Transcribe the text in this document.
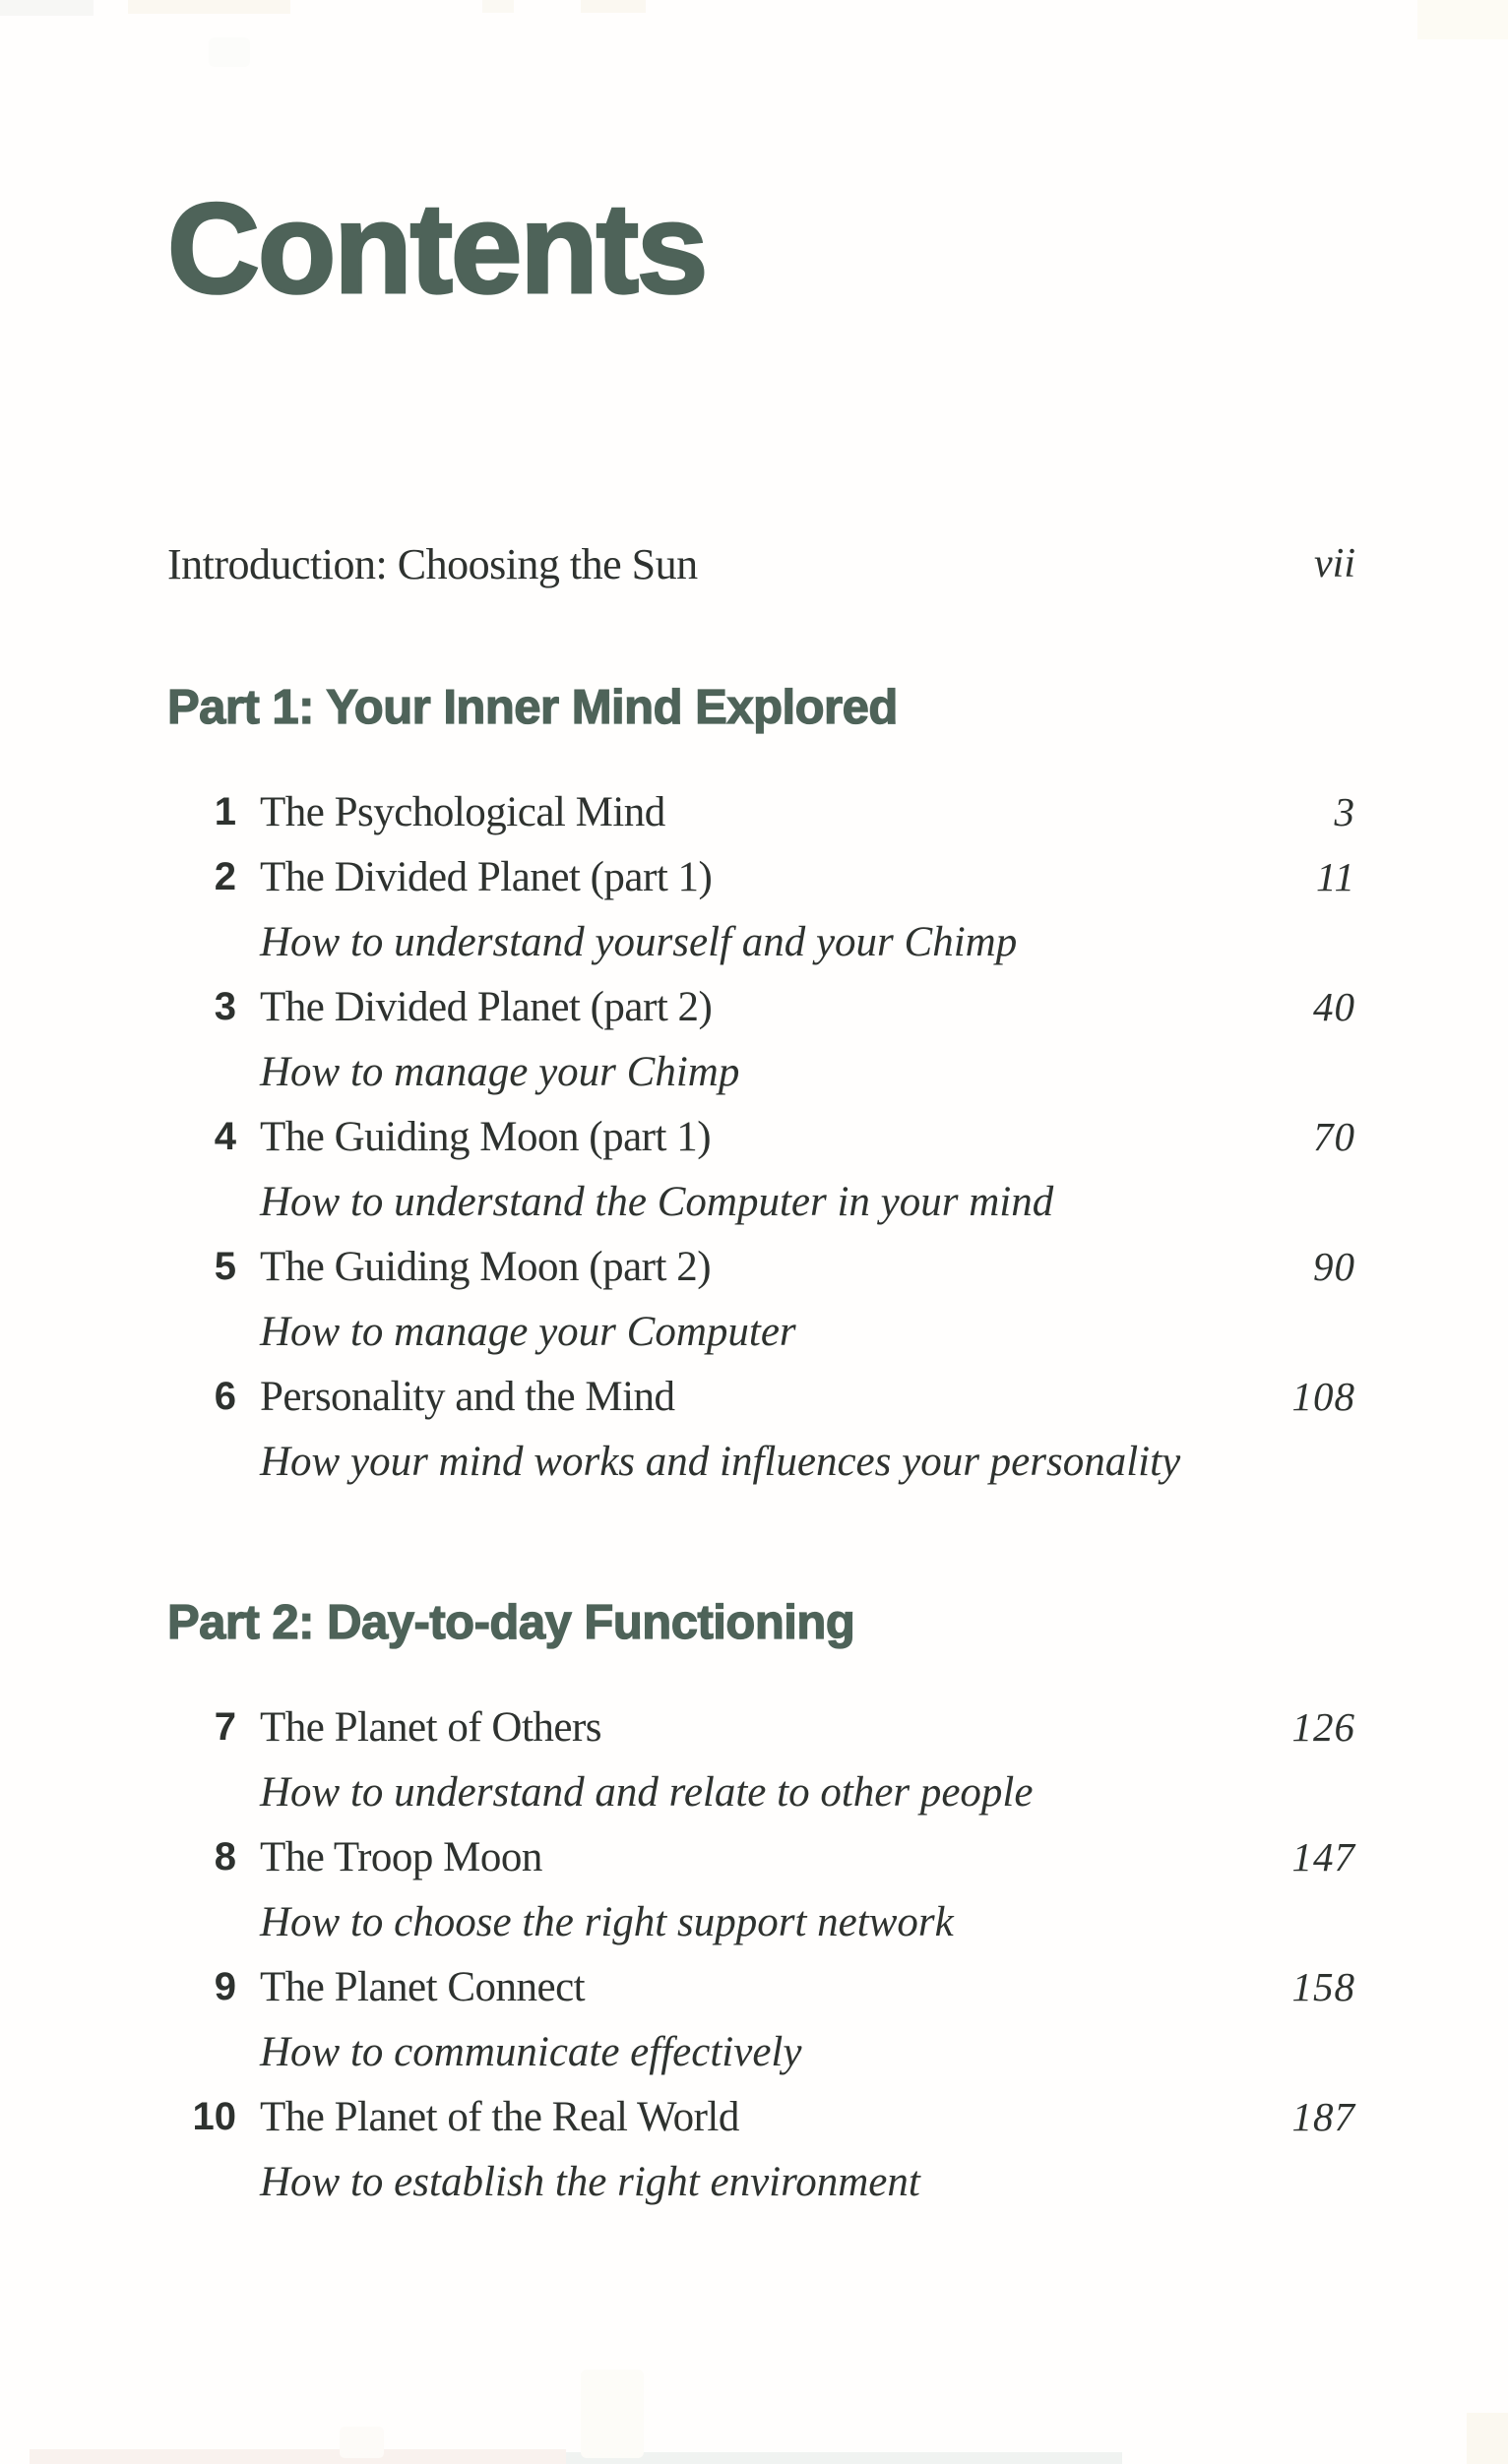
Contents
Introduction: Choosing the Sun	vii
Part 1: Your Inner Mind Explored
1 The Psychological Mind	3
2 The Divided Planet (part 1)	11
How to understand yourself and your Chimp
3 The Divided Planet (part 2)	40
How to manage your Chimp
4 The Guiding Moon (part 1)	70
How to understand the Computer in your mind
5 The Guiding Moon (part 2)	90
How to manage your Computer
6 Personality and the Mind	108
How your mind works and influences your personality
Part 2: Day-to-day Functioning
7 The Planet of Others	126
How to understand and relate to other people
8 The Troop Moon	147
How to choose the right support network
9 The Planet Connect	158
How to communicate effectively
10 The Planet of the Real World	187
How to establish the right environment
